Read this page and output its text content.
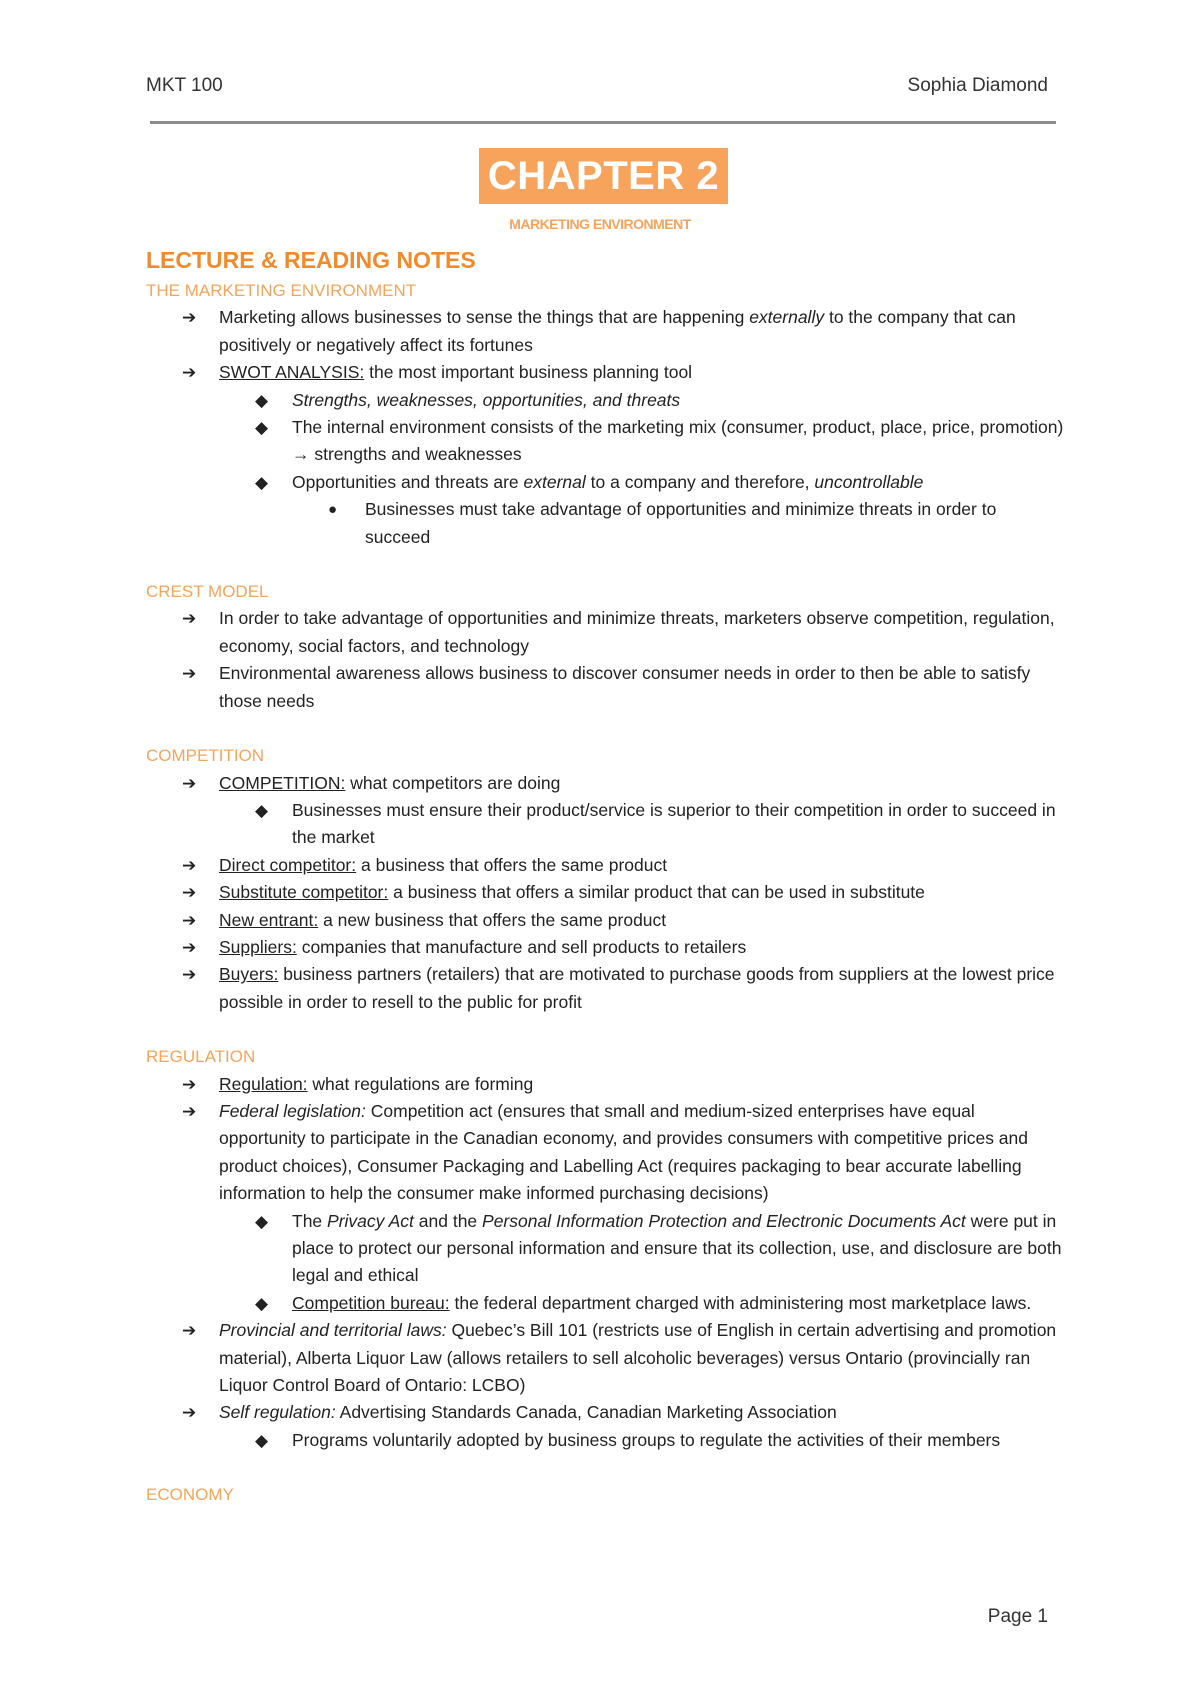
MKT 100	Sophia Diamond
CHAPTER 2
MARKETING ENVIRONMENT
LECTURE & READING NOTES
THE MARKETING ENVIRONMENT
➔ Marketing allows businesses to sense the things that are happening externally to the company that can positively or negatively affect its fortunes
➔ SWOT ANALYSIS: the most important business planning tool
◆ Strengths, weaknesses, opportunities, and threats
◆ The internal environment consists of the marketing mix (consumer, product, place, price, promotion) → strengths and weaknesses
◆ Opportunities and threats are external to a company and therefore, uncontrollable
● Businesses must take advantage of opportunities and minimize threats in order to succeed
CREST MODEL
➔ In order to take advantage of opportunities and minimize threats, marketers observe competition, regulation, economy, social factors, and technology
➔ Environmental awareness allows business to discover consumer needs in order to then be able to satisfy those needs
COMPETITION
➔ COMPETITION: what competitors are doing
◆ Businesses must ensure their product/service is superior to their competition in order to succeed in the market
➔ Direct competitor: a business that offers the same product
➔ Substitute competitor: a business that offers a similar product that can be used in substitute
➔ New entrant: a new business that offers the same product
➔ Suppliers: companies that manufacture and sell products to retailers
➔ Buyers: business partners (retailers) that are motivated to purchase goods from suppliers at the lowest price possible in order to resell to the public for profit
REGULATION
➔ Regulation: what regulations are forming
➔ Federal legislation: Competition act (ensures that small and medium-sized enterprises have equal opportunity to participate in the Canadian economy, and provides consumers with competitive prices and product choices), Consumer Packaging and Labelling Act (requires packaging to bear accurate labelling information to help the consumer make informed purchasing decisions)
◆ The Privacy Act and the Personal Information Protection and Electronic Documents Act were put in place to protect our personal information and ensure that its collection, use, and disclosure are both legal and ethical
◆ Competition bureau: the federal department charged with administering most marketplace laws.
➔ Provincial and territorial laws: Quebec’s Bill 101 (restricts use of English in certain advertising and promotion material), Alberta Liquor Law (allows retailers to sell alcoholic beverages) versus Ontario (provincially ran Liquor Control Board of Ontario: LCBO)
➔ Self regulation: Advertising Standards Canada, Canadian Marketing Association
◆ Programs voluntarily adopted by business groups to regulate the activities of their members
ECONOMY
Page 1
